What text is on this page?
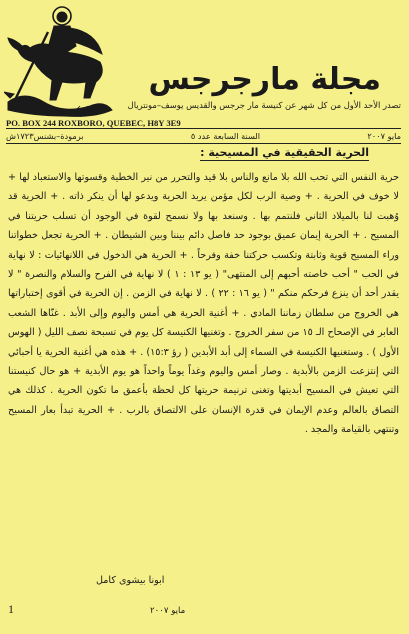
مجلة مارجرجس
تصدر الأحد الأول من كل شهر عن كنيسة مار جرجس والقديس يوسف–مونتريال
PO. BOX 244 ROXBORO, QUEBEC, H8Y 3E9
مايو ۲۰۰۷
السنة السابعة عدد ٥
برمودة–بشنس١٧٢٣ش
الحرية الحقيقية في المسيحية :

حرية النفس التي تحب الله بلا مانع والناس بلا قيد والتحرر من نير الخطية وقسوتها والاستعباد لها + لا خوف في الحرية . + وصية الرب لكل مؤمن يريد الحرية ويدعو لها أن ينكر ذاته . + الحرية قد وُهبت لنا بالميلاد الثاني فلنتمم بها . وسنعد بها ولا نسمح لقوة في الوجود أن تسلب حريتنا في المسيح . + الحرية إيمان عميق بوجود حد فاصل دائم بيننا وبين الشيطان . + الحرية تجعل خطواتنا وراء المسيح قوية وثابتة وتكسب حركتنا خفة وفرحاً . + الحرية هي الدخول في اللانهائيات : لا نهاية في الحب " أحب خاصته أحبهم إلى المنتهى" ( يو ١٣ : ١ ) لا نهاية في الفرح والسلام والنصرة " لا يقدر أحد أن ينزع فرحكم منكم " ( يو ١٦ : ٢٢ ) . لا نهاية في الزمن . إن الحرية في أقوى إختباراتها هي الخروج من سلطان زماننا المادي . + أغنية الحرية هي أمس واليوم وإلى الأبد . غنّاها الشعب العابر في الإصحاح الـ ١٥ من سفر الخروج . وتغنيها الكنيسة كل يوم في تسبحة نصف الليل ( الهوس الأول ) . وستغنيها الكنيسة في السماء إلى أبد الأبدين ( رؤ ١٥:٣) . + هذه هي أغنية الحرية يا أحبائي التي إنتزعت الزمن بالأبدية . وصار أمس واليوم وغداً يوماً واحداً هو يوم الأبدية + هو حال كنيستنا التي تعيش في المسيح أبديتها وتغنى ترنيمة حريتها كل لحظة بأعمق ما تكون الحرية . كذلك هي التصاق بالعالم وعدم الإيمان في قدرة الإنسان على الالتصاق بالرب . + الحرية تبدأ بعار المسيح وتنتهي بالقيامة والمجد .

ابونا بيشوى كامل
1	مايو ۲۰۰۷
